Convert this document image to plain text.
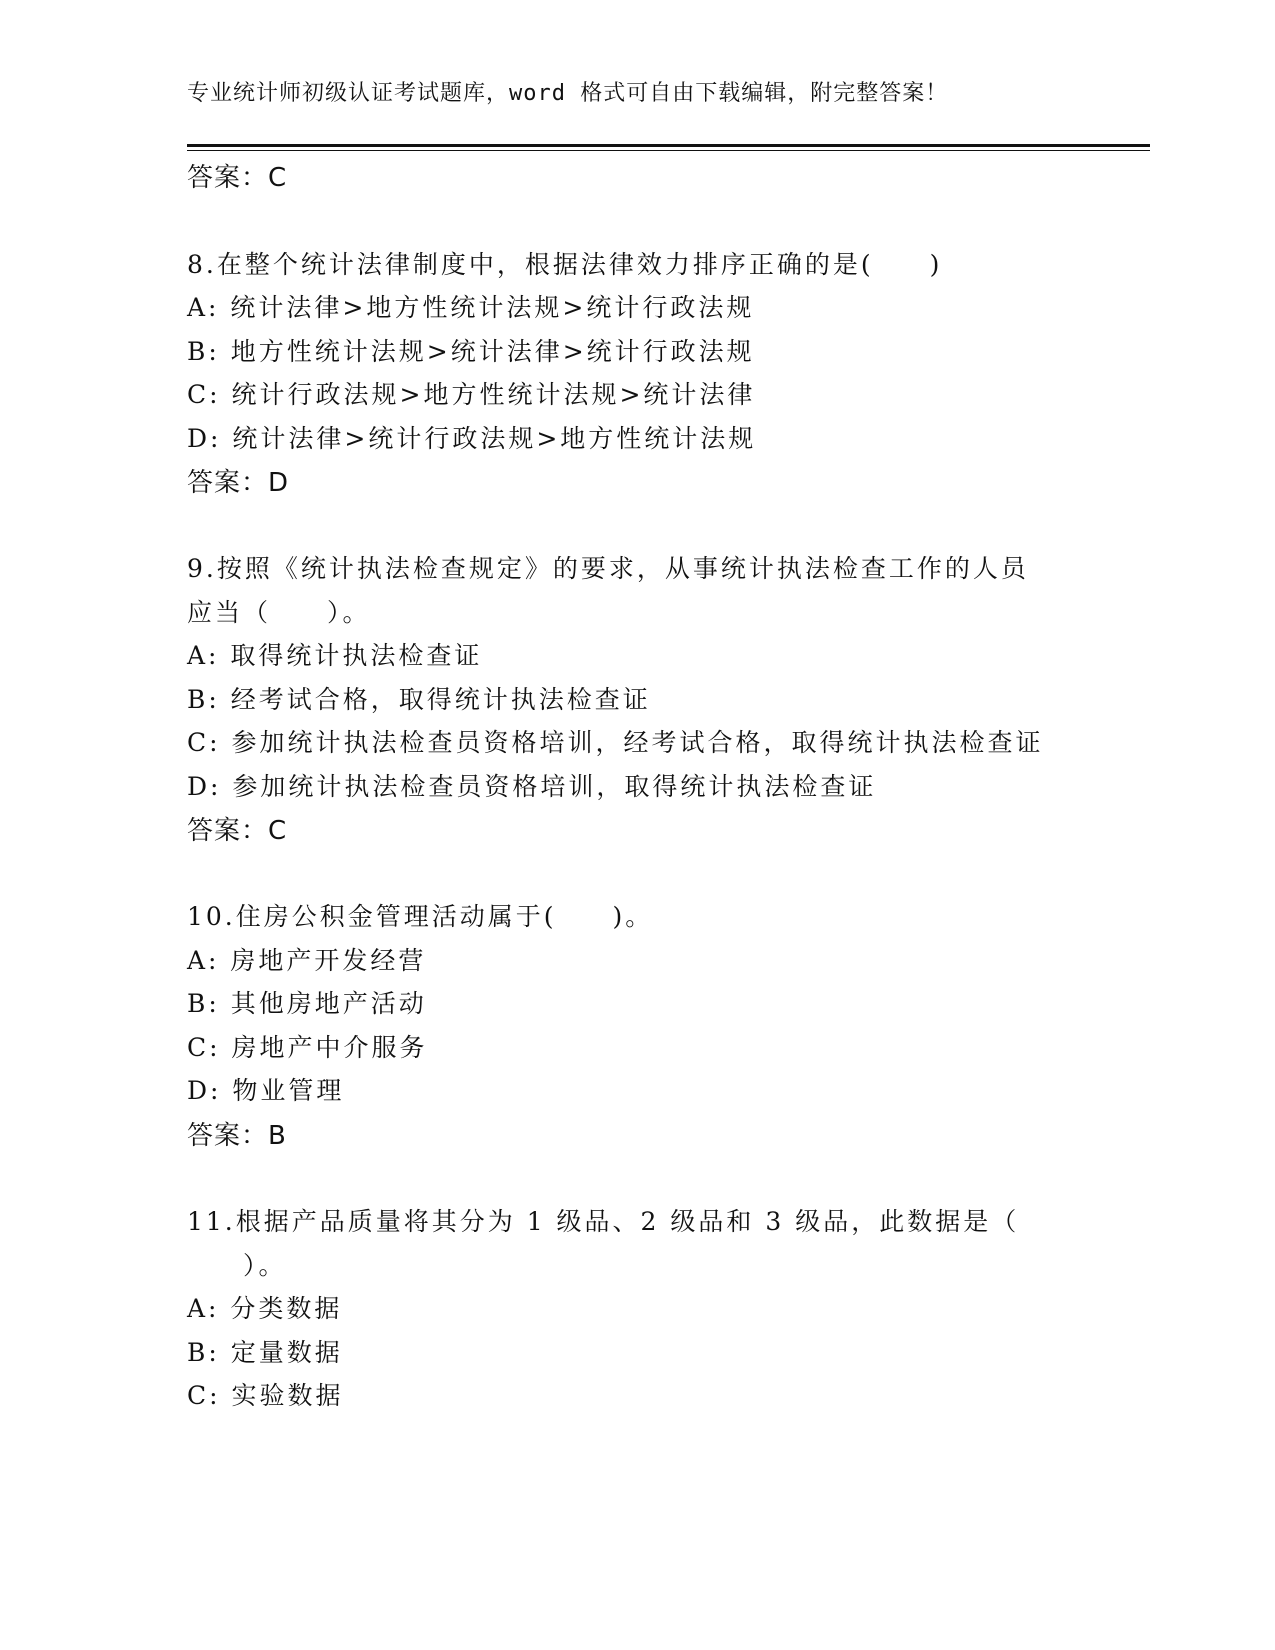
专业统计师初级认证考试题库，word 格式可自由下载编辑，附完整答案！
答案：C
8.在整个统计法律制度中，根据法律效力排序正确的是(　　)
A: 统计法律>地方性统计法规>统计行政法规
B: 地方性统计法规>统计法律>统计行政法规
C: 统计行政法规>地方性统计法规>统计法律
D: 统计法律>统计行政法规>地方性统计法规
答案：D
9.按照《统计执法检查规定》的要求，从事统计执法检查工作的人员
应当（　　）。
A: 取得统计执法检查证
B: 经考试合格，取得统计执法检查证
C: 参加统计执法检查员资格培训，经考试合格，取得统计执法检查证
D: 参加统计执法检查员资格培训，取得统计执法检查证
答案：C
10.住房公积金管理活动属于(　　)。
A: 房地产开发经营
B: 其他房地产活动
C: 房地产中介服务
D: 物业管理
答案：B
11.根据产品质量将其分为 1 级品、2 级品和 3 级品，此数据是（
　　）。
A: 分类数据
B: 定量数据
C: 实验数据
